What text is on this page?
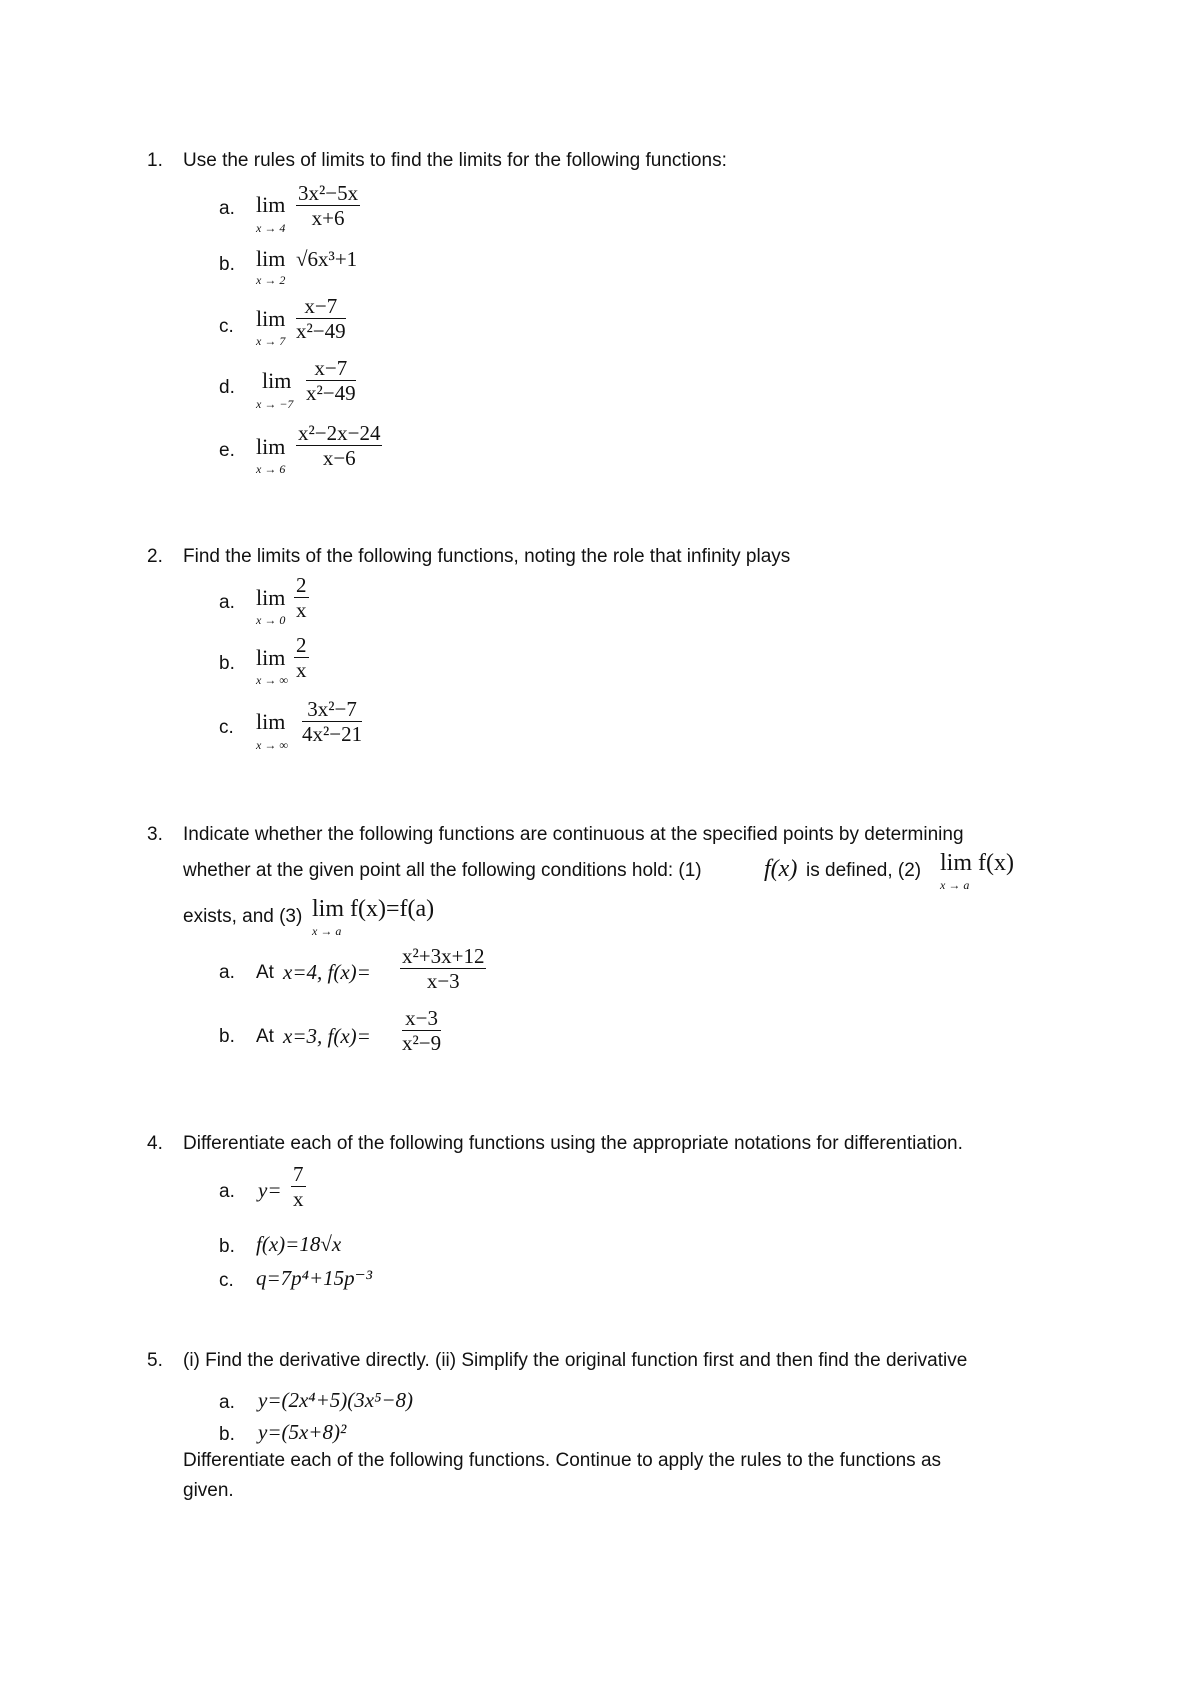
1. Use the rules of limits to find the limits for the following functions:
a. lim
$x \to 4 \frac{\text{3x²−5x}}{x+6}$
b. lim
x → 2
√6x³+1
c. lim
$x \to 7 \frac{x-7}{\text{x²−49}}$
d. lim
$x \to -7 \frac{x-7}{\text{x²−49}}$
e. lim
$x \to 6 \frac{\text{x²−2x−24}}{x-6}$
2. Find the limits of the following functions, noting the role that infinity plays
a. lim
$x \to 0 \frac{2}{x}$
b. lim
x → ∞ $\frac{2}{x}$
c. lim
x → ∞ $\frac{\text{3x²−7}}{\text{4x²−21}}$
3. Indicate whether the following functions are continuous at the specified points by determining
whether at the given point all the following conditions hold: (1)	f(x) is defined, (2) lim f(x)
x → a
exists, and (3) lim f(x)=f(a)
x → a
a. At x=4, $f(x)= \frac{\text{x²+3x+12}}{x-3}$
b. At x=3, $f(x)= \frac{x-3}{\text{x²−9}}$
4. Differentiate each of the following functions using the appropriate notations for differentiation.
a. $y= \frac{7}{x}$
b. f(x)=18√x
c. q=7p⁴+15p⁻³
5. (i) Find the derivative directly. (ii) Simplify the original function first and then find the derivative
a. y=(2x⁴+5)(3x⁵−8)
b. y=(5x+8)²
Differentiate each of the following functions. Continue to apply the rules to the functions as
given.
